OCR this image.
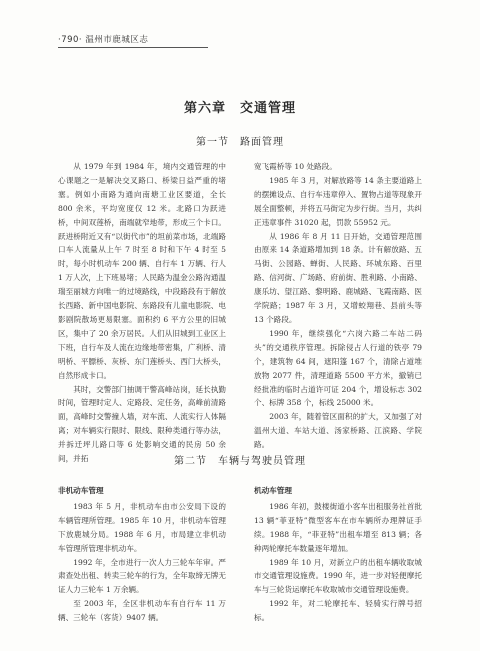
·790· 温州市鹿城区志
第六章　交通管理
第一节　路面管理

从 1979 年到 1984 年，境内交通管理的中心课题之一是解决交叉路口、桥梁日益严重的堵塞。例如小南路为通向南塘工业区要道，全长 800 余米，平均宽度仅 12 米。北路口为跃进桥，中间双莲桥，南端就窄地带，形成三个卡口。跃进桥附近又有“以街代市”的坦前菜市场，北端路口车人流量从上午 7 时至 8 时和下午 4 时至 5 时，每小时机动车 200 辆、自行车 1 万辆、行人 1 万人次，上下班易堵；人民路为温金公路沟通温瑞至丽城方向唯一的过境路线，中段路段有于解放长西路、新中国电影院、东路段有儿童电影院、电影剧院散场更易限塞。面积约 6 平方公里的旧城区，集中了 20 余万居民。人们从旧城到工业区上下班，自行车及人流在边缘地带密集，广利桥、清明桥、平膘桥、灰桥、东门莲桥头、西门大桥头，自然形成卡口。

其时，交警部门抽调干警高峰站岗，延长执勤时间，管理时定人、定路段、定任务，高峰前清路面，高峰时交警撞人墙，对车流、人流实行人体隔离；对车辆实行限时、限线、限种类通行等办法，并拆迁坪儿路口等 6 处影响交通的民房 50 余间，并拓

宽飞霞桥等 10 处路段。

1985 年 3 月，对解放路等 14 条主要道路上的摆摊设点、自行车违章停入、置物占道等现象开展全面整顿，并将五马街定为步行街。当月，共纠正违章事件 31020 起，罚款 55952 元。

从 1986 年 8 月 11 日开始，交通管理范围由原来 14 条道路增加到 18 条。计有解放路、五马街、公园路、蝉街、人民路、环城东路、百里路、信河街、广场路、府前街、胜利路、小南路、康乐坊、望江路、黎明路、鹿城路、飞霞南路、医学院路；1987 年 3 月，又增蛟翔巷、县前头等 13 个路段。

1990 年，继续强化“六岗六路二车站二码头”的交通秩序管理。拆除侵占人行道的铁亭 79 个，建筑物 64 间，遮阳篷 167 个，清除占道堆放物 2077 件，清理道路 5500 平方米，撤销已经批准的临时占道许可证 204 个，增设标志 302 个、标牌 358 个，标线 25000 米。

2003 年，随着管区面积的扩大，又加强了对温州大道、车站大道、汤家桥路、江滨路、学院路。

第二节　车辆与驾驶员管理

非机动车管理

1983 年 5 月，非机动车由市公安局下设的车辆管理所管理。1985 年 10 月，非机动车管理下放鹿城分局。1988 年 6 月，市局建立非机动车管理所管理非机动车。

1992 年，全市进行一次人力三轮车年审。严肃查处出租、转卖三轮车的行为，全年取缔无牌无证人力三轮车 1 万余辆。

至 2003 年，全区非机动车有自行车 11 万辆、三轮车（客货）9407 辆。

机动车管理

1986 年初，鼓楼街道小客车出租服务社首批 13 辆“菲亚特”微型客车在市车辆所办理牌证手续。1988 年，“菲亚特”出租车增至 813 辆；各种两轮摩托车数量逐年增加。

1989 年 10 月，对新立户的出租车辆收取城市交通管理设施费。1990 年，进一步对轻便摩托车与三轮货运摩托车收取城市交通管理设施费。

1992 年，对二轮摩托车、轻骑实行牌号招标。
